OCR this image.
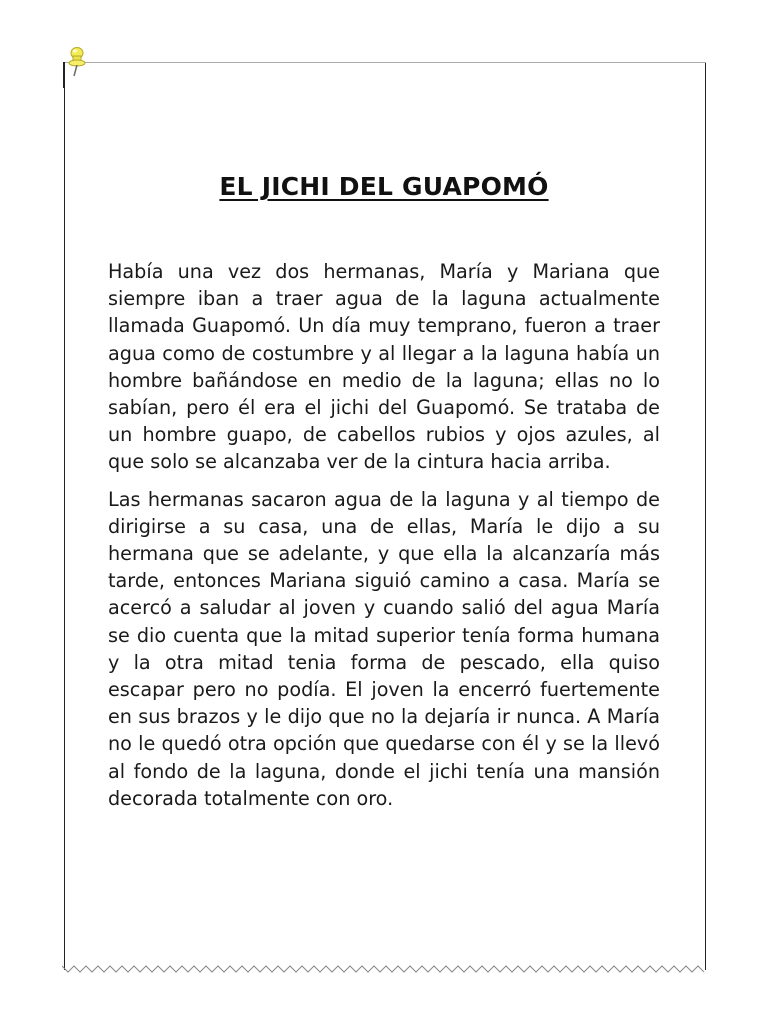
EL JICHI DEL GUAPOMÓ

Había una vez dos hermanas, María y Mariana que siempre iban a traer agua de la laguna actualmente llamada Guapomó. Un día muy temprano, fueron a traer agua como de costumbre y al llegar a la laguna había un hombre bañándose en medio de la laguna; ellas no lo sabían, pero él era el jichi del Guapomó. Se trataba de un hombre guapo, de cabellos rubios y ojos azules, al que solo se alcanzaba ver de la cintura hacia arriba.

Las hermanas sacaron agua de la laguna y al tiempo de dirigirse a su casa, una de ellas, María le dijo a su hermana que se adelante, y que ella la alcanzaría más tarde, entonces Mariana siguió camino a casa. María se acercó a saludar al joven y cuando salió del agua María se dio cuenta que la mitad superior tenía forma humana y la otra mitad tenia forma de pescado, ella quiso escapar pero no podía. El joven la encerró fuertemente en sus brazos y le dijo que no la dejaría ir nunca. A María no le quedó otra opción que quedarse con él y se la llevó al fondo de la laguna, donde el jichi tenía una mansión decorada totalmente con oro.
